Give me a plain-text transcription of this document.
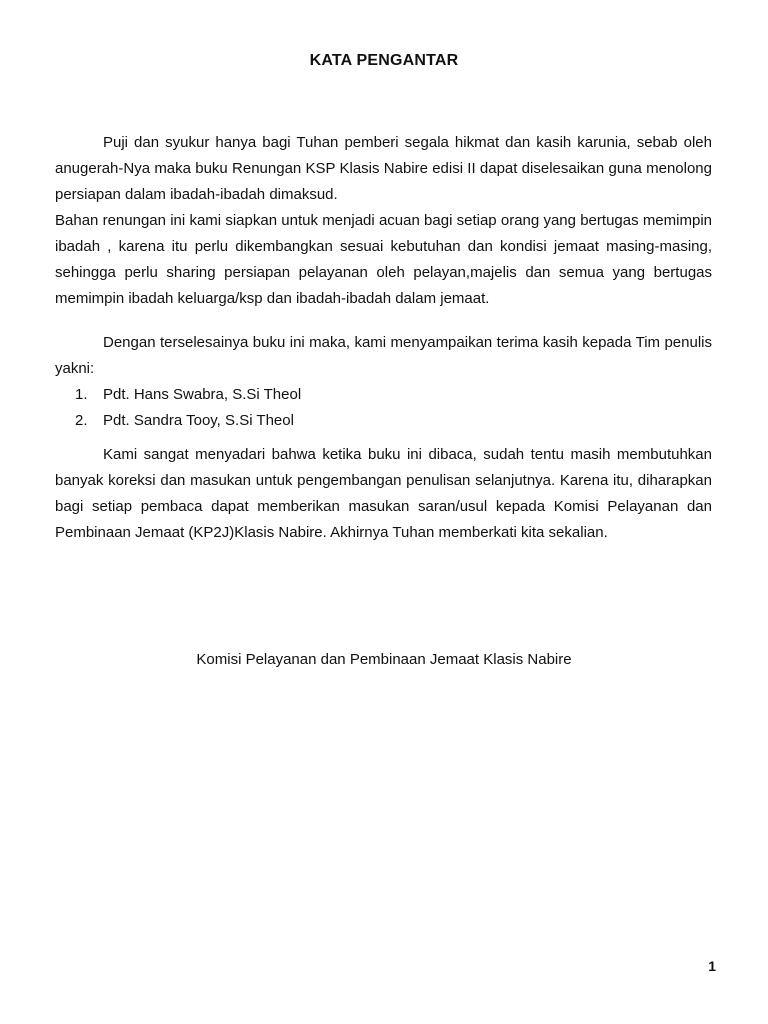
KATA PENGANTAR

Puji dan syukur hanya bagi Tuhan pemberi segala hikmat dan kasih karunia, sebab oleh anugerah-Nya maka buku Renungan KSP Klasis Nabire edisi II dapat diselesaikan guna menolong persiapan dalam ibadah-ibadah dimaksud.

Bahan renungan ini kami siapkan untuk menjadi acuan bagi setiap orang yang bertugas memimpin ibadah , karena itu perlu dikembangkan sesuai kebutuhan dan kondisi jemaat masing-masing, sehingga perlu sharing persiapan pelayanan oleh pelayan,majelis dan semua yang bertugas memimpin ibadah keluarga/ksp dan ibadah-ibadah dalam jemaat.

Dengan terselesainya buku ini maka, kami menyampaikan terima kasih kepada Tim penulis yakni:

1. Pdt. Hans Swabra, S.Si Theol
2. Pdt. Sandra Tooy, S.Si Theol

Kami sangat menyadari bahwa ketika buku ini dibaca, sudah tentu masih membutuhkan banyak koreksi dan masukan untuk pengembangan penulisan selanjutnya. Karena itu, diharapkan bagi setiap pembaca dapat memberikan masukan saran/usul kepada Komisi Pelayanan dan Pembinaan Jemaat (KP2J)Klasis Nabire. Akhirnya Tuhan memberkati kita sekalian.

Komisi Pelayanan dan Pembinaan Jemaat Klasis Nabire
1
